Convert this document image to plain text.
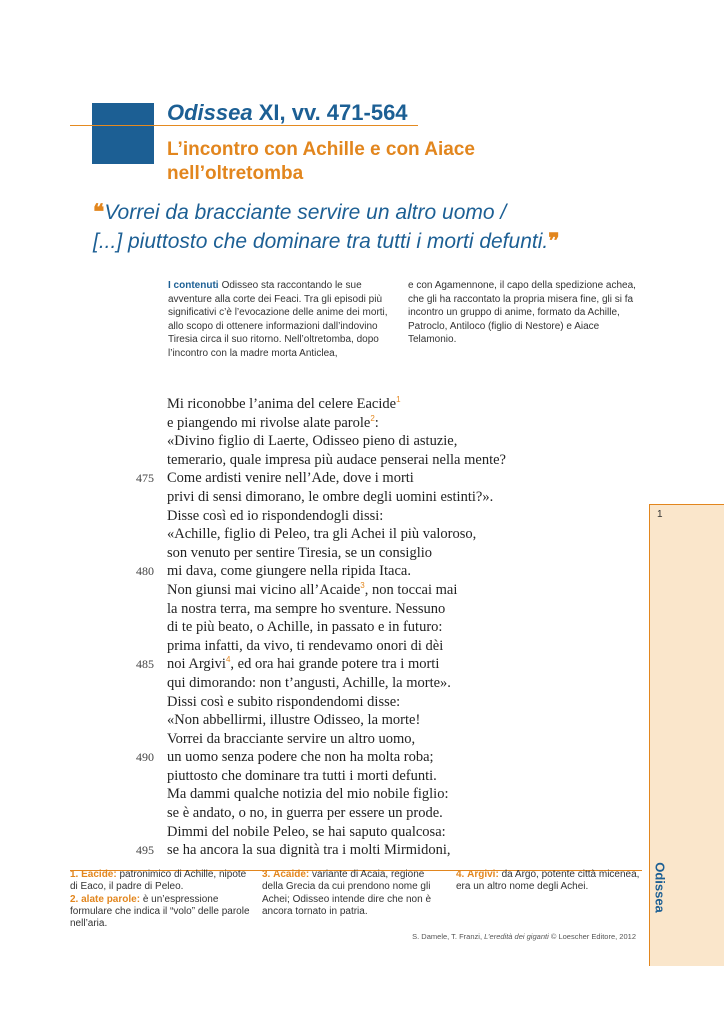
Odissea XI, vv. 471-564
L’incontro con Achille e con Aiace nell’oltretomba
❝Vorrei da bracciante servire un altro uomo /
[...] piuttosto che dominare tra tutti i morti defunti.❞

I contenuti Odisseo sta raccontando le sue avventure alla corte dei Feaci. Tra gli episodi più significativi c’è l’evocazione delle anime dei morti, allo scopo di ottenere informazioni dall’indovino Tiresia circa il suo ritorno. Nell’oltretomba, dopo l’incontro con la madre morta Anticlea,

e con Agamennone, il capo della spedizione achea, che gli ha raccontato la propria misera fine, gli si fa incontro un gruppo di anime, formato da Achille, Patroclo, Antiloco (figlio di Nestore) e Aiace Telamonio.

Mi riconobbe l’anima del celere Eacide$^1$
e piangendo mi rivolse alate parole$^2$:
«Divino figlio di Laerte, Odisseo pieno di astuzie,
temerario, quale impresa più audace penserai nella mente?
475 Come ardisti venire nell’Ade, dove i morti
privi di sensi dimorano, le ombre degli uomini estinti?».
Disse così ed io rispondendogli dissi:
«Achille, figlio di Peleo, tra gli Achei il più valoroso,
son venuto per sentire Tiresia, se un consiglio
480 mi dava, come giungere nella ripida Itaca.
Non giunsi mai vicino all’Acaide$^3$, non toccai mai
la nostra terra, ma sempre ho sventure. Nessuno
di te più beato, o Achille, in passato e in futuro:
prima infatti, da vivo, ti rendevamo onori di dèi
485 noi Argivi$^4$, ed ora hai grande potere tra i morti
qui dimorando: non t’angusti, Achille, la morte».
Dissi così e subito rispondendomi disse:
«Non abbellirmi, illustre Odisseo, la morte!
Vorrei da bracciante servire un altro uomo,
490 un uomo senza podere che non ha molta roba;
piuttosto che dominare tra tutti i morti defunti.
Ma dammi qualche notizia del mio nobile figlio:
se è andato, o no, in guerra per essere un prode.
Dimmi del nobile Peleo, se hai saputo qualcosa:
495 se ha ancora la sua dignità tra i molti Mirmidoni,
1
Odissea
1. Eacide: patronimico di Achille, nipote di Eaco, il padre di Peleo.
2. alate parole: è un’espressione formulare che indica il “volo” delle parole nell’aria.
3. Acaide: variante di Acaia, regione della Grecia da cui prendono nome gli Achei; Odisseo intende dire che non è ancora tornato in patria.
4. Argivi: da Argo, potente città micenea, era un altro nome degli Achei.

S. Damele, T. Franzi, L’eredità dei giganti © Loescher Editore, 2012
